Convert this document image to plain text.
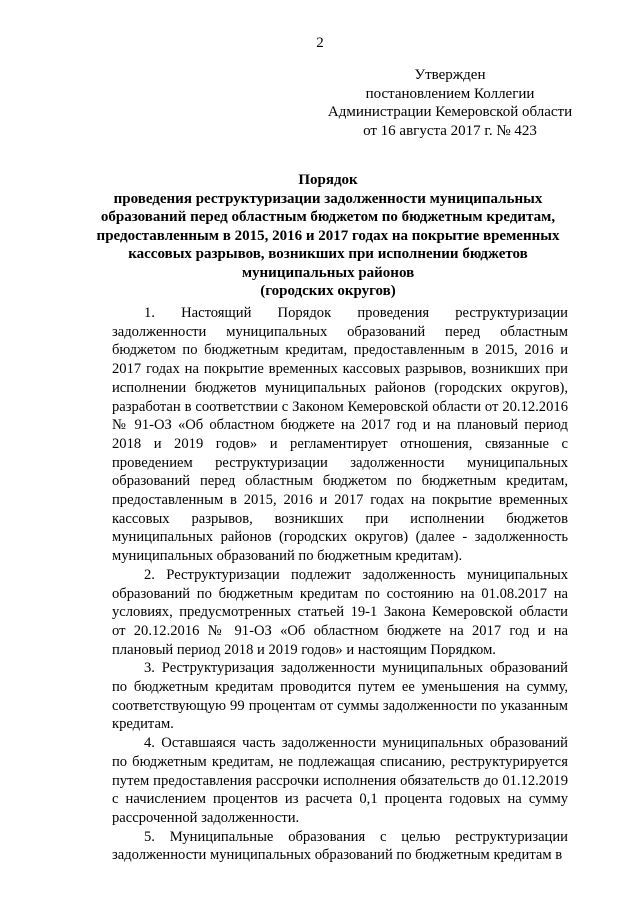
2
Утвержден
постановлением Коллегии
Администрации Кемеровской области
от 16 августа 2017 г. № 423
Порядок
проведения реструктуризации задолженности муниципальных
образований перед областным бюджетом по бюджетным кредитам,
предоставленным в 2015, 2016 и 2017 годах на покрытие временных
кассовых разрывов, возникших при исполнении бюджетов
муниципальных районов
(городских округов)

1. Настоящий Порядок проведения реструктуризации задолженности муниципальных образований перед областным бюджетом по бюджетным кредитам, предоставленным в 2015, 2016 и 2017 годах на покрытие временных кассовых разрывов, возникших при исполнении бюджетов муниципальных районов (городских округов), разработан в соответствии с Законом Кемеровской области от 20.12.2016 № 91-ОЗ «Об областном бюджете на 2017 год и на плановый период 2018 и 2019 годов» и регламентирует отношения, связанные с проведением реструктуризации задолженности муниципальных образований перед областным бюджетом по бюджетным кредитам, предоставленным в 2015, 2016 и 2017 годах на покрытие временных кассовых разрывов, возникших при исполнении бюджетов муниципальных районов (городских округов) (далее - задолженность муниципальных образований по бюджетным кредитам).

2. Реструктуризации подлежит задолженность муниципальных образований по бюджетным кредитам по состоянию на 01.08.2017 на условиях, предусмотренных статьей 19-1 Закона Кемеровской области от 20.12.2016 № 91-ОЗ «Об областном бюджете на 2017 год и на плановый период 2018 и 2019 годов» и настоящим Порядком.

3. Реструктуризация задолженности муниципальных образований по бюджетным кредитам проводится путем ее уменьшения на сумму, соответствующую 99 процентам от суммы задолженности по указанным кредитам.

4. Оставшаяся часть задолженности муниципальных образований по бюджетным кредитам, не подлежащая списанию, реструктурируется путем предоставления рассрочки исполнения обязательств до 01.12.2019 с начислением процентов из расчета 0,1 процента годовых на сумму рассроченной задолженности.

5. Муниципальные образования с целью реструктуризации задолженности муниципальных образований по бюджетным кредитам в
